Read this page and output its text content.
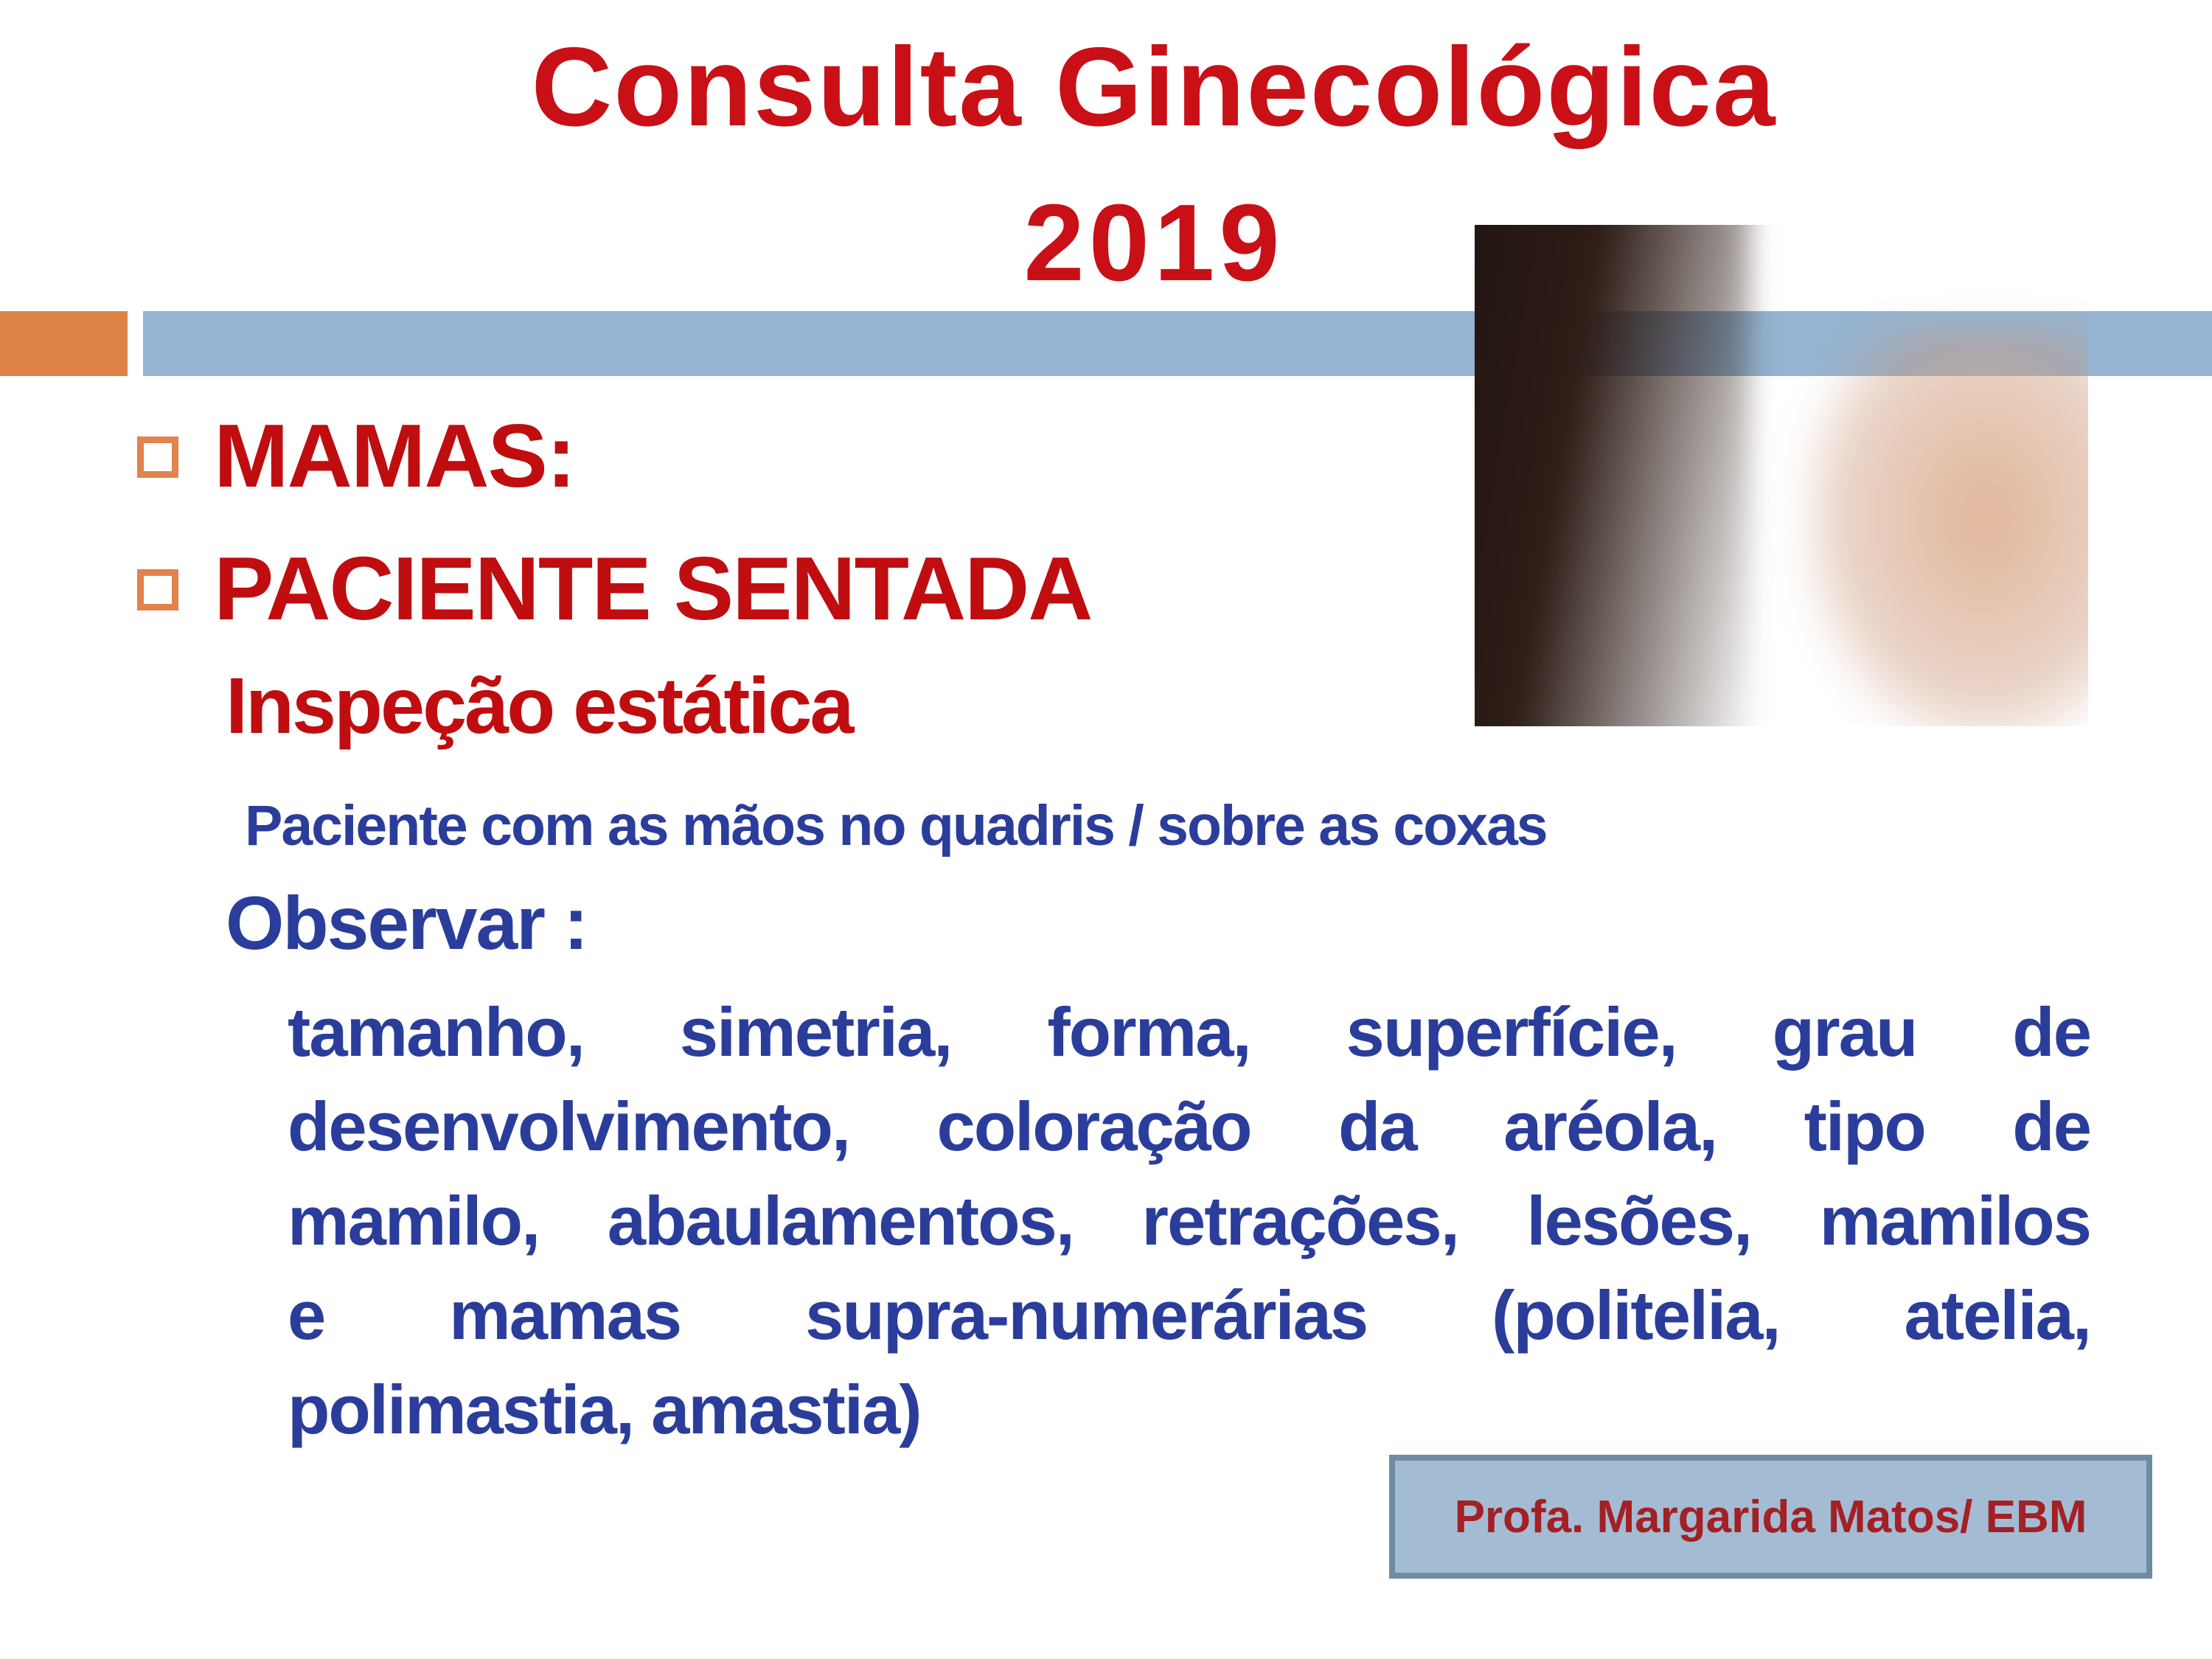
Consulta Ginecológica
2019
MAMAS:
PACIENTE SENTADA
Inspeção estática
Paciente com as mãos no quadris / sobre as coxas
Observar :
tamanho, simetria, forma, superfície, grau de
desenvolvimento, coloração da aréola, tipo de
mamilo, abaulamentos, retrações, lesões, mamilos
e mamas supra-numerárias (politelia, atelia,
polimastia, amastia)
Profa. Margarida Matos/ EBM
